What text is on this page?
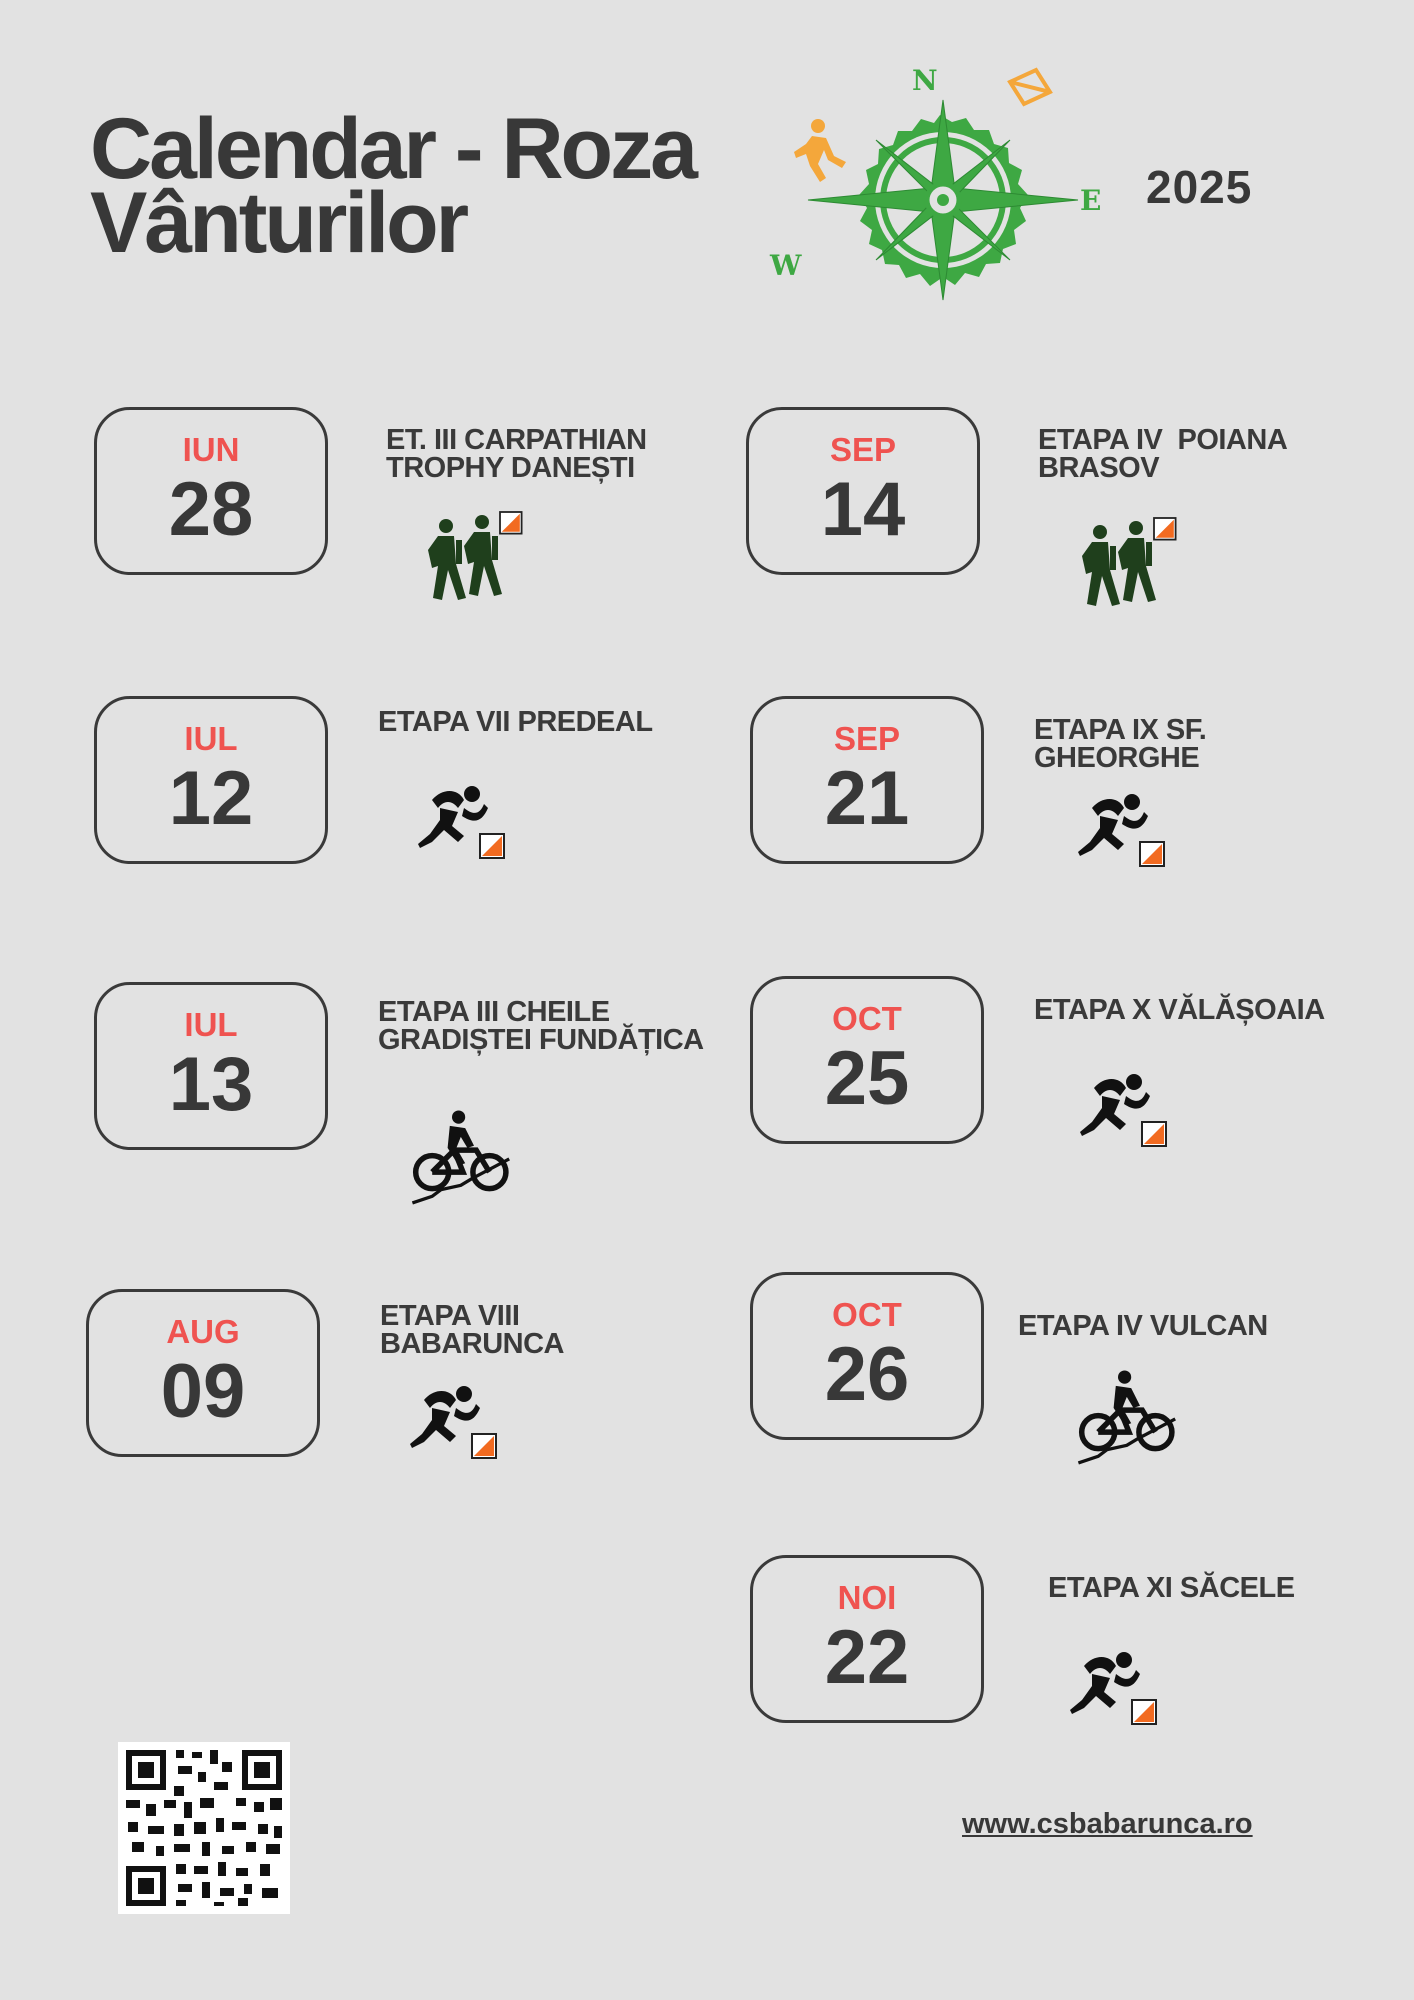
Calendar - Roza
Vânturilor
N
E
W
2025
IUN
28
ET. III CARPATHIAN
TROPHY DANEȘTI	SEP
14
ETAPA IV  POIANA
BRASOV
IUL
12
ETAPA VII PREDEAL	SEP
21
ETAPA IX SF.
GHEORGHE
IUL
13
ETAPA III CHEILE
GRADIȘTEI FUNDĂȚICA
OCT
25
ETAPA X VĂLĂȘOAIA
AUG
09
ETAPA VIII
BABARUNCA
OCT
26
ETAPA IV VULCAN
NOI
22
ETAPA XI SĂCELE
www.csbabarunca.ro
